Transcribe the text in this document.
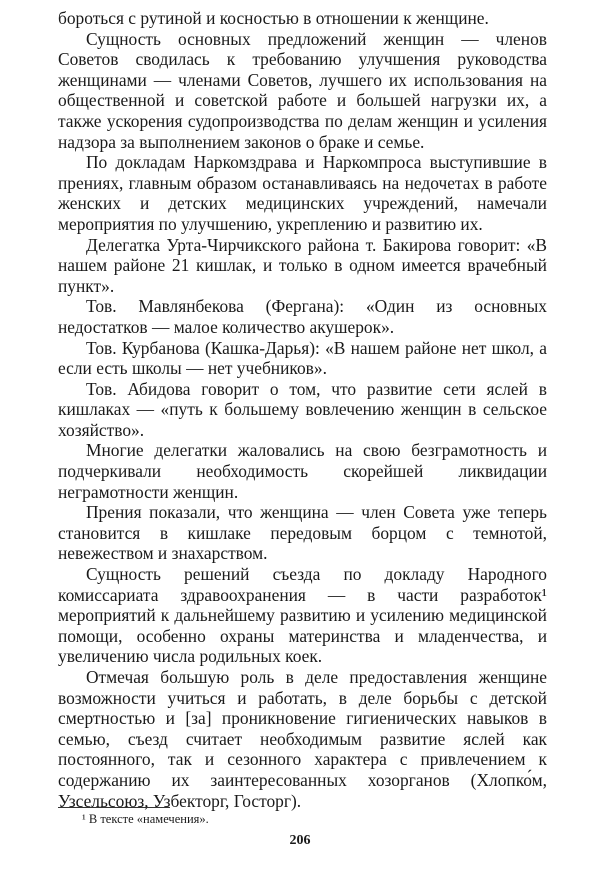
бороться с рутиной и косностью в отношении к женщине.

Сущность основных предложений женщин — членов Советов сводилась к требованию улучшения руководства женщинами — членами Советов, лучшего их использования на общественной и советской работе и большей нагрузки их, а также ускорения судопроизводства по делам женщин и усиления надзора за выполнением законов о браке и семье.

По докладам Наркомздрава и Наркомпроса выступившие в прениях, главным образом останавливаясь на недочетах в работе женских и детских медицинских учреждений, намечали мероприятия по улучшению, укреплению и развитию их.

Делегатка Урта-Чирчикского района т. Бакирова говорит: «В нашем районе 21 кишлак, и только в одном имеется врачебный пункт».

Тов. Мавлянбекова (Фергана): «Один из основных недостатков — малое количество акушерок».

Тов. Курбанова (Кашка-Дарья): «В нашем районе нет школ, а если есть школы — нет учебников».

Тов. Абидова говорит о том, что развитие сети яслей в кишлаках — «путь к большему вовлечению женщин в сельское хозяйство».

Многие делегатки жаловались на свою безграмотность и подчеркивали необходимость скорейшей ликвидации неграмотности женщин.

Прения показали, что женщина — член Совета уже теперь становится в кишлаке передовым борцом с темнотой, невежеством и знахарством.

Сущность решений съезда по докладу Народного комиссариата здравоохранения — в части разработок¹ мероприятий к дальнейшему развитию и усилению медицинской помощи, особенно охраны материнства и младенчества, и увеличению числа родильных коек.

Отмечая большую роль в деле предоставления женщине возможности учиться и работать, в деле борьбы с детской смертностью и [за] проникновение гигиенических навыков в семью, съезд считает необходимым развитие яслей как постоянного, так и сезонного характера с привлечением к содержанию их заинтересованных хозорганов (Хлопко́м, Узсельсоюз, Узбекторг, Госторг).

¹ В тексте «намечения».
206
